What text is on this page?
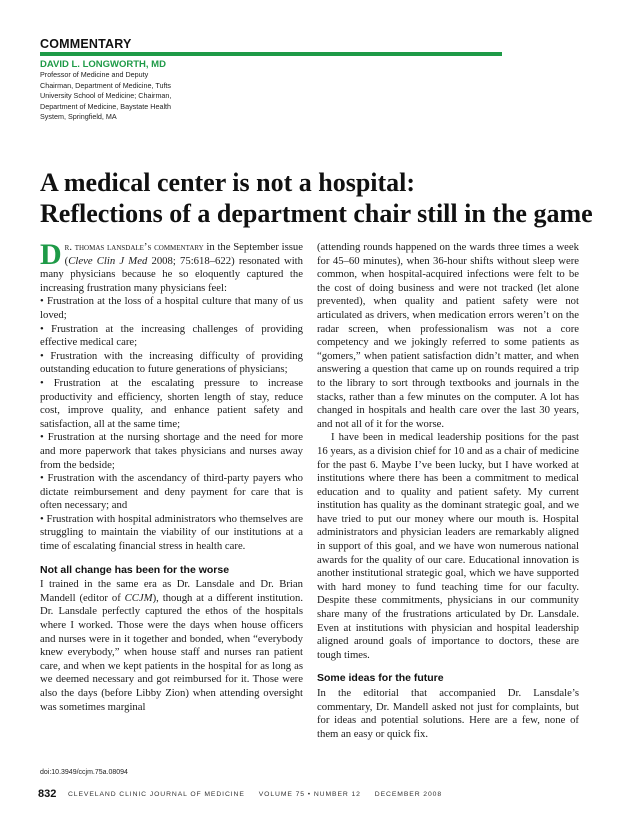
COMMENTARY
DAVID L. LONGWORTH, MD
Professor of Medicine and Deputy Chairman, Department of Medicine, Tufts University School of Medicine; Chairman, Department of Medicine, Baystate Health System, Springfield, MA
A medical center is not a hospital:
Reflections of a department chair still in the game

Dr. thomas lansdale’s commentary in the September issue (Cleve Clin J Med 2008; 75:618–622) resonated with many physicians because he so eloquently captured the increasing frustration many physicians feel:

• Frustration at the loss of a hospital culture that many of us loved;

• Frustration at the increasing challenges of providing effective medical care;

• Frustration with the increasing difficulty of providing outstanding education to future generations of physicians;

• Frustration at the escalating pressure to increase productivity and efficiency, shorten length of stay, reduce cost, improve quality, and enhance patient safety and satisfaction, all at the same time;

• Frustration at the nursing shortage and the need for more and more paperwork that takes physicians and nurses away from the bedside;

• Frustration with the ascendancy of third-party payers who dictate reimbursement and deny payment for care that is often necessary; and

• Frustration with hospital administrators who themselves are struggling to maintain the viability of our institutions at a time of escalating financial stress in health care.

Not all change has been for the worse

I trained in the same era as Dr. Lansdale and Dr. Brian Mandell (editor of CCJM), though at a different institution. Dr. Lansdale perfectly captured the ethos of the hospitals where I worked. Those were the days when house officers and nurses were in it together and bonded, when “everybody knew everybody,” when house staff and nurses ran patient care, and when we kept patients in the hospital for as long as we deemed necessary and got reimbursed for it. Those were also the days (before Libby Zion) when attending oversight was sometimes marginal

(attending rounds happened on the wards three times a week for 45–60 minutes), when 36-hour shifts without sleep were common, when hospital-acquired infections were felt to be the cost of doing business and were not tracked (let alone prevented), when quality and patient safety were not articulated as drivers, when medication errors weren’t on the radar screen, when professionalism was not a core competency and we jokingly referred to some patients as “gomers,” when patient satisfaction didn’t matter, and when answering a question that came up on rounds required a trip to the library to sort through textbooks and journals in the stacks, rather than a few minutes on the computer. A lot has changed in hospitals and health care over the last 30 years, and not all of it for the worse.

I have been in medical leadership positions for the past 16 years, as a division chief for 10 and as a chair of medicine for the past 6. Maybe I’ve been lucky, but I have worked at institutions where there has been a commitment to medical education and to quality and patient safety. My current institution has quality as the dominant strategic goal, and we have tried to put our money where our mouth is. Hospital administrators and physician leaders are remarkably aligned in support of this goal, and we have won numerous national awards for the quality of our care. Educational innovation is another institutional strategic goal, which we have supported with hard money to fund teaching time for our faculty. Despite these commitments, physicians in our community share many of the frustrations articulated by Dr. Lansdale. Even at institutions with physician and hospital leadership aligned around goals of importance to doctors, these are tough times.

Some ideas for the future

In the editorial that accompanied Dr. Lansdale’s commentary, Dr. Mandell asked not just for complaints, but for ideas and potential solutions. Here are a few, none of them an easy or quick fix.

doi:10.3949/ccjm.75a.08094
832 CLEVELAND CLINIC JOURNAL OF MEDICINE     VOLUME 75 • NUMBER 12     DECEMBER 2008
